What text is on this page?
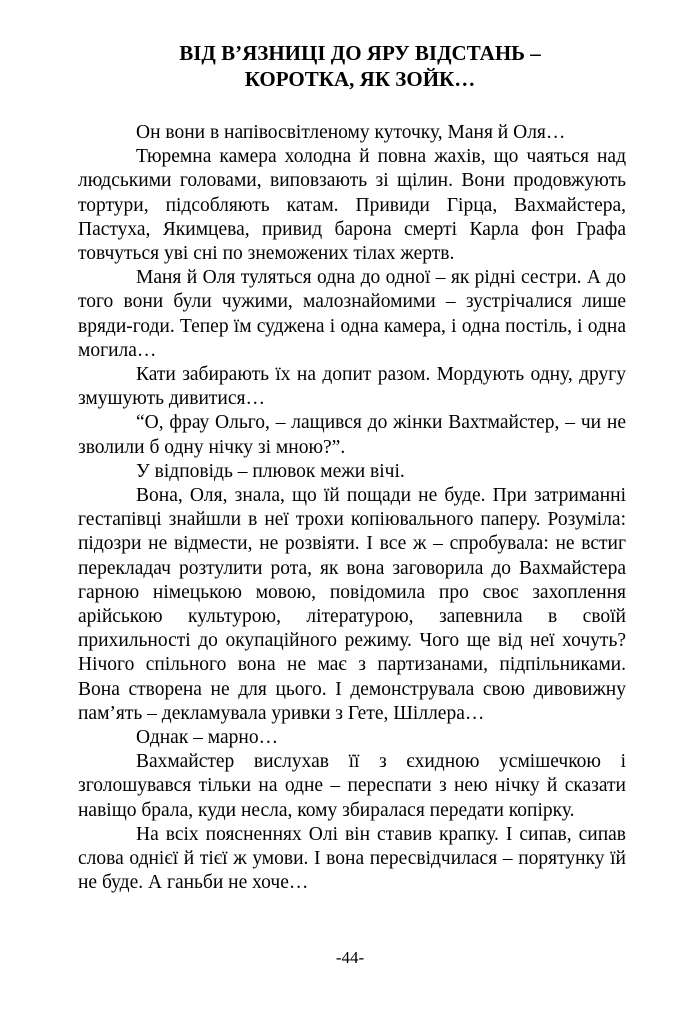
ВІД В’ЯЗНИЦІ ДО ЯРУ ВІДСТАНЬ –
КОРОТКА, ЯК ЗОЙК…

Он вони в напівосвітленому куточку, Маня й Оля…

Тюремна камера холодна й повна жахів, що чаяться над людськими головами, виповзають зі щілин. Вони продовжують тортури, підсобляють катам. Привиди Гірца, Вахмайстера, Пастуха, Якимцева, привид барона смерті Карла фон Графа товчуться уві сні по знеможених тілах жертв.

Маня й Оля туляться одна до одної – як рідні сестри. А до того вони були чужими, малознайомими – зустрічалися лише вряди-годи. Тепер їм суджена і одна камера, і одна постіль, і одна могила…

Кати забирають їх на допит разом. Мордують одну, другу змушують дивитися…

“О, фрау Ольго, – лащився до жінки Вахтмайстер, – чи не зволили б одну нічку зі мною?”.

У відповідь – плювок межи вічі.

Вона, Оля, знала, що їй пощади не буде. При затриманні гестапівці знайшли в неї трохи копіювального паперу. Розуміла: підозри не відмести, не розвіяти. І все ж – спробувала: не встиг перекладач розтулити рота, як вона заговорила до Вахмайстера гарною німецькою мовою, повідомила про своє захоплення арійською культурою, літературою, запевнила в своїй прихильності до окупаційного режиму. Чого ще від неї хочуть? Нічого спільного вона не має з партизанами, підпільниками. Вона створена не для цього. І демонструвала свою дивовижну пам’ять – декламувала уривки з Гете, Шіллера…

Однак – марно…

Вахмайстер вислухав її з єхидною усмішечкою і зголошувався тільки на одне – переспати з нею нічку й сказати навіщо брала, куди несла, кому збиралася передати копірку.

На всіх поясненнях Олі він ставив крапку. І сипав, сипав слова однієї й тієї ж умови. І вона пересвідчилася – порятунку їй не буде. А ганьби не хоче…

-44-
